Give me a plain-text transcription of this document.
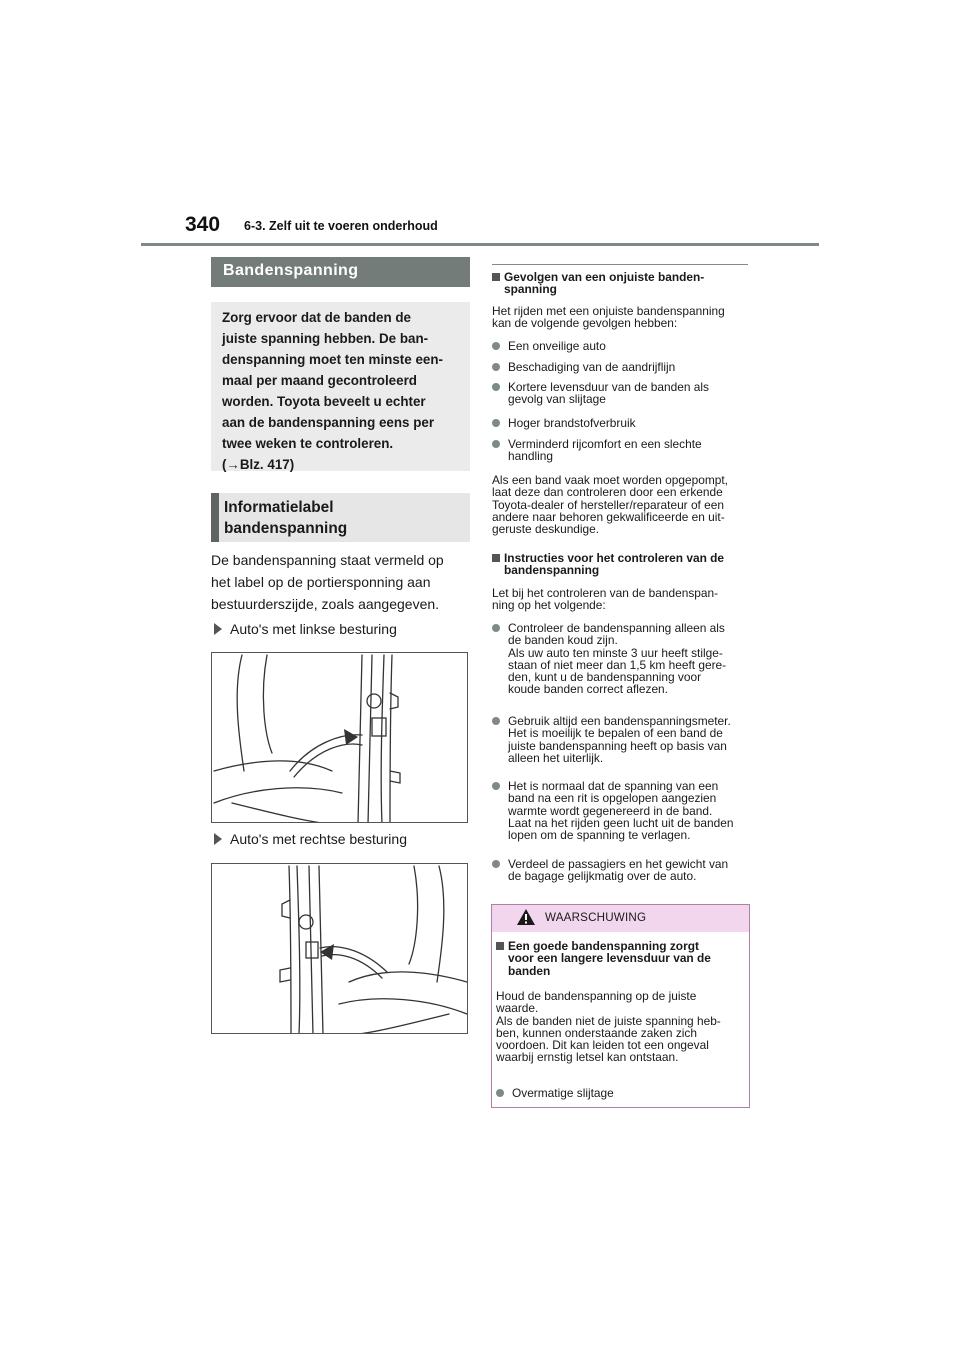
340 6-3. Zelf uit te voeren onderhoud
Bandenspanning
Zorg ervoor dat de banden de
juiste spanning hebben. De ban-
denspanning moet ten minste een-
maal per maand gecontroleerd
worden. Toyota beveelt u echter
aan de bandenspanning eens per
twee weken te controleren.
(→Blz. 417)
Informatielabel
bandenspanning
De bandenspanning staat vermeld op
het label op de portiersponning aan
bestuurderszijde, zoals aangegeven.
Auto's met linkse besturing
Auto's met rechtse besturing
Gevolgen van een onjuiste banden-
spanning
Het rijden met een onjuiste bandenspanning
kan de volgende gevolgen hebben:
Een onveilige auto
Beschadiging van de aandrijflijn
Kortere levensduur van de banden als
gevolg van slijtage
Hoger brandstofverbruik
Verminderd rijcomfort en een slechte
handling
Als een band vaak moet worden opgepompt,
laat deze dan controleren door een erkende
Toyota-dealer of hersteller/reparateur of een
andere naar behoren gekwalificeerde en uit-
geruste deskundige.
Instructies voor het controleren van de
bandenspanning
Let bij het controleren van de bandenspan-
ning op het volgende:
Controleer de bandenspanning alleen als
de banden koud zijn.
Als uw auto ten minste 3 uur heeft stilge-
staan of niet meer dan 1,5 km heeft gere-
den, kunt u de bandenspanning voor
koude banden correct aflezen.
Gebruik altijd een bandenspanningsmeter.
Het is moeilijk te bepalen of een band de
juiste bandenspanning heeft op basis van
alleen het uiterlijk.
Het is normaal dat de spanning van een
band na een rit is opgelopen aangezien
warmte wordt gegenereerd in de band.
Laat na het rijden geen lucht uit de banden
lopen om de spanning te verlagen.
Verdeel de passagiers en het gewicht van
de bagage gelijkmatig over de auto.
WAARSCHUWING
Een goede bandenspanning zorgt
voor een langere levensduur van de
banden
Houd de bandenspanning op de juiste
waarde.
Als de banden niet de juiste spanning heb-
ben, kunnen onderstaande zaken zich
voordoen. Dit kan leiden tot een ongeval
waarbij ernstig letsel kan ontstaan.
Overmatige slijtage
